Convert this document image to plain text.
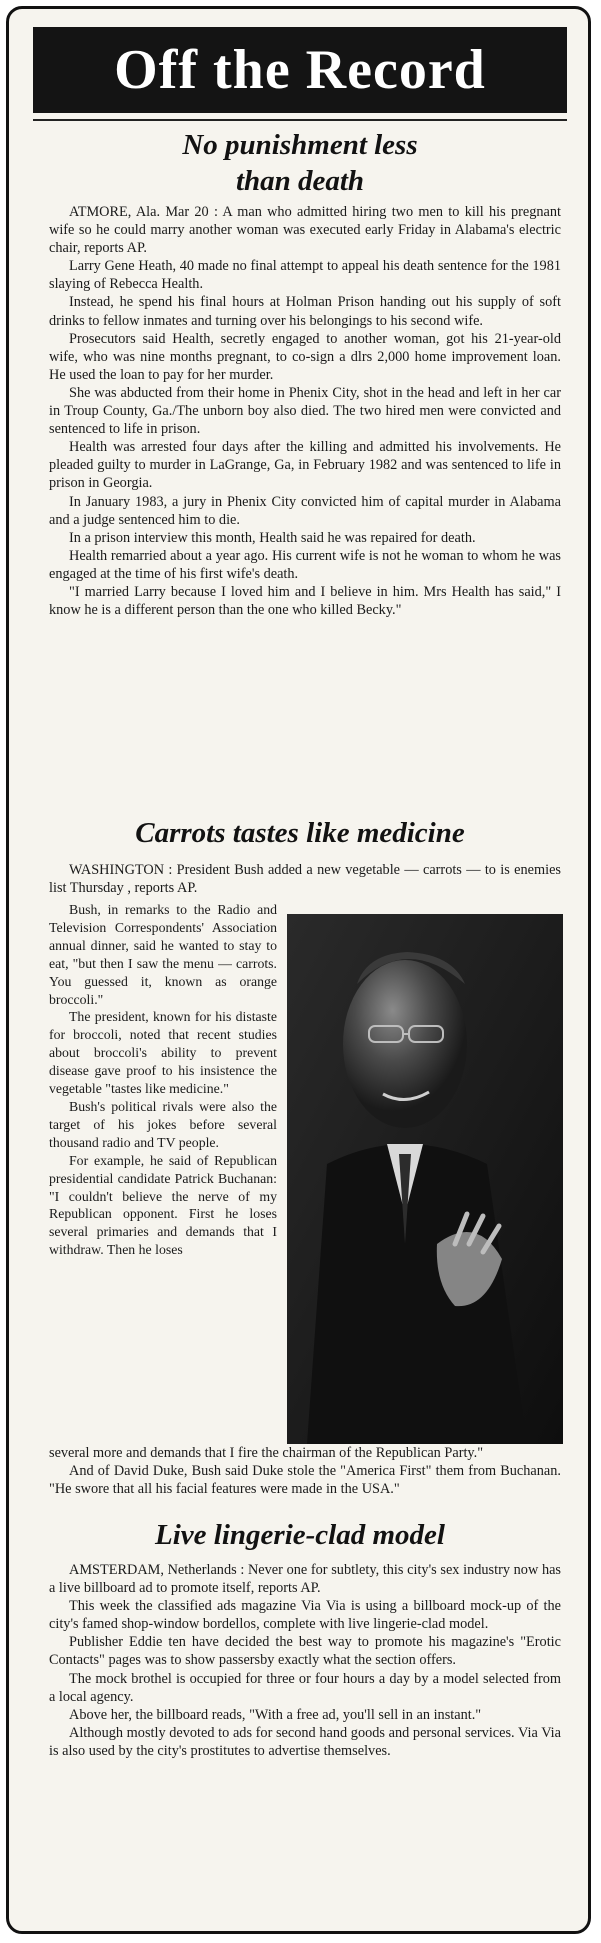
Off the Record
No punishment less
than death

ATMORE, Ala. Mar 20 : A man who admitted hiring two men to kill his pregnant wife so he could marry another woman was executed early Friday in Alabama's electric chair, reports AP.

Larry Gene Heath, 40 made no final attempt to appeal his death sentence for the 1981 slaying of Rebecca Health.

Instead, he spend his final hours at Holman Prison handing out his supply of soft drinks to fellow inmates and turning over his belongings to his second wife.

Prosecutors said Health, secretly engaged to another woman, got his 21-year-old wife, who was nine months pregnant, to co-sign a dlrs 2,000 home improvement loan. He used the loan to pay for her murder.

She was abducted from their home in Phenix City, shot in the head and left in her car in Troup County, Ga./The unborn boy also died. The two hired men were convicted and sentenced to life in prison.

Health was arrested four days after the killing and admitted his involvements. He pleaded guilty to murder in LaGrange, Ga, in February 1982 and was sentenced to life in prison in Georgia.

In January 1983, a jury in Phenix City convicted him of capital murder in Alabama and a judge sentenced him to die.

In a prison interview this month, Health said he was repaired for death.

Health remarried about a year ago. His current wife is not he woman to whom he was engaged at the time of his first wife's death.

"I married Larry because I loved him and I believe in him. Mrs Health has said," I know he is a different person than the one who killed Becky."

Carrots tastes like medicine

WASHINGTON : President Bush added a new vegetable — carrots — to is enemies list Thursday , reports AP.

Bush, in remarks to the Radio and Television Correspondents' Association annual dinner, said he wanted to stay to eat, "but then I saw the menu — carrots. You guessed it, known as orange broccoli."

The president, known for his distaste for broccoli, noted that recent studies about broccoli's ability to prevent disease gave proof to his insistence the vegetable "tastes like medicine."

Bush's political rivals were also the target of his jokes before several thousand radio and TV people.

For example, he said of Republican presidential candidate Patrick Buchanan: "I couldn't believe the nerve of my Republican opponent. First he loses several primaries and demands that I withdraw. Then he loses

several more and demands that I fire the chairman of the Republican Party."

And of David Duke, Bush said Duke stole the "America First" them from Buchanan. "He swore that all his facial features were made in the USA."

Live lingerie-clad model

AMSTERDAM, Netherlands : Never one for subtlety, this city's sex industry now has a live billboard ad to promote itself, reports AP.

This week the classified ads magazine Via Via is using a billboard mock-up of the city's famed shop-window bordellos, complete with live lingerie-clad model.

Publisher Eddie ten have decided the best way to promote his magazine's "Erotic Contacts" pages was to show passersby exactly what the section offers.

The mock brothel is occupied for three or four hours a day by a model selected from a local agency.

Above her, the billboard reads, "With a free ad, you'll sell in an instant."

Although mostly devoted to ads for second hand goods and personal services. Via Via is also used by the city's prostitutes to advertise themselves.
